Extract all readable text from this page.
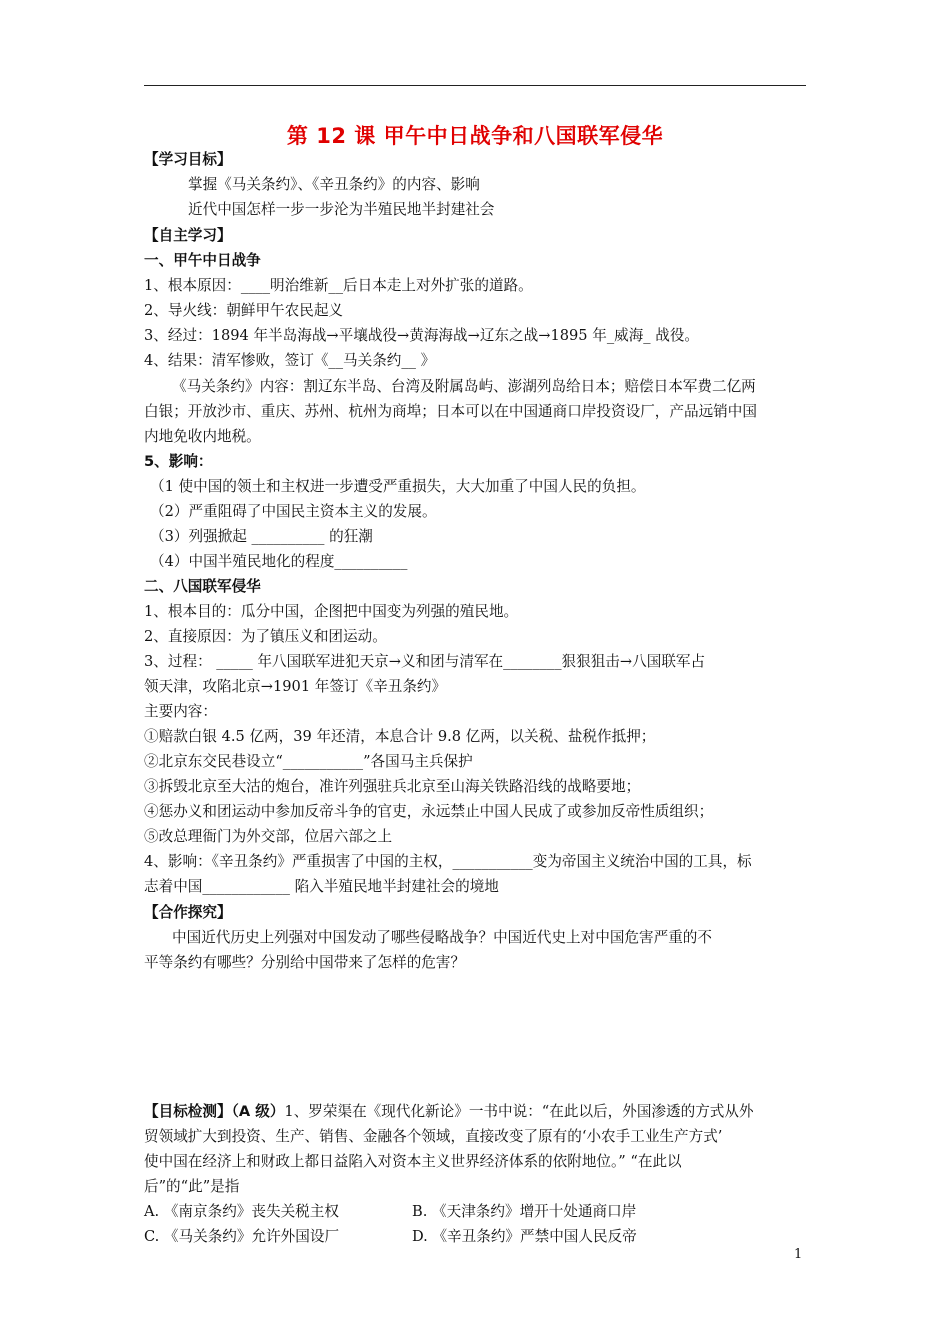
第 12 课 甲午中日战争和八国联军侵华
【学习目标】
掌握《马关条约》、《辛丑条约》的内容、影响
近代中国怎样一步一步沦为半殖民地半封建社会
【自主学习】
一、甲午中日战争
1、根本原因：____明治维新__后日本走上对外扩张的道路。
2、导火线：朝鲜甲午农民起义
3、经过：1894 年半岛海战→平壤战役→黄海海战→辽东之战→1895 年_威海_ 战役。
4、结果：清军惨败，签订《__马关条约__ 》
《马关条约》内容：割辽东半岛、台湾及附属岛屿、澎湖列岛给日本；赔偿日本军费二亿两
白银；开放沙市、重庆、苏州、杭州为商埠；日本可以在中国通商口岸投资设厂，产品远销中国
内地免收内地税。
5、影响：
（1 使中国的领土和主权进一步遭受严重损失，大大加重了中国人民的负担。
（2）严重阻碍了中国民主资本主义的发展。
（3）列强掀起 __________ 的狂潮
（4）中国半殖民地化的程度__________
二、八国联军侵华
1、根本目的：瓜分中国，企图把中国变为列强的殖民地。
2、直接原因：为了镇压义和团运动。
3、过程： _____ 年八国联军进犯天京→义和团与清军在________狠狠狙击→八国联军占
领天津，攻陷北京→1901 年签订《辛丑条约》
主要内容：
①赔款白银 4.5 亿两，39 年还清，本息合计 9.8 亿两，以关税、盐税作抵押；
②北京东交民巷设立“___________”各国马主兵保护
③拆毁北京至大沽的炮台，准许列强驻兵北京至山海关铁路沿线的战略要地；
④惩办义和团运动中参加反帝斗争的官吏，永远禁止中国人民成了或参加反帝性质组织；
⑤改总理衙门为外交部，位居六部之上
4、影响：《辛丑条约》严重损害了中国的主权，___________变为帝国主义统治中国的工具，标
志着中国____________ 陷入半殖民地半封建社会的境地
【合作探究】
中国近代历史上列强对中国发动了哪些侵略战争？中国近代史上对中国危害严重的不
平等条约有哪些？分别给中国带来了怎样的危害？
【目标检测】（A 级）1、罗荣渠在《现代化新论》一书中说：“在此以后，外国渗透的方式从外
贸领域扩大到投资、生产、销售、金融各个领域，直接改变了原有的‘小农手工业生产方式’
使中国在经济上和财政上都日益陷入对资本主义世界经济体系的依附地位。” “在此以
后”的“此”是指
A. 《南京条约》丧失关税主权	B. 《天津条约》增开十处通商口岸
C. 《马关条约》允许外国设厂	D. 《辛丑条约》严禁中国人民反帝
1
